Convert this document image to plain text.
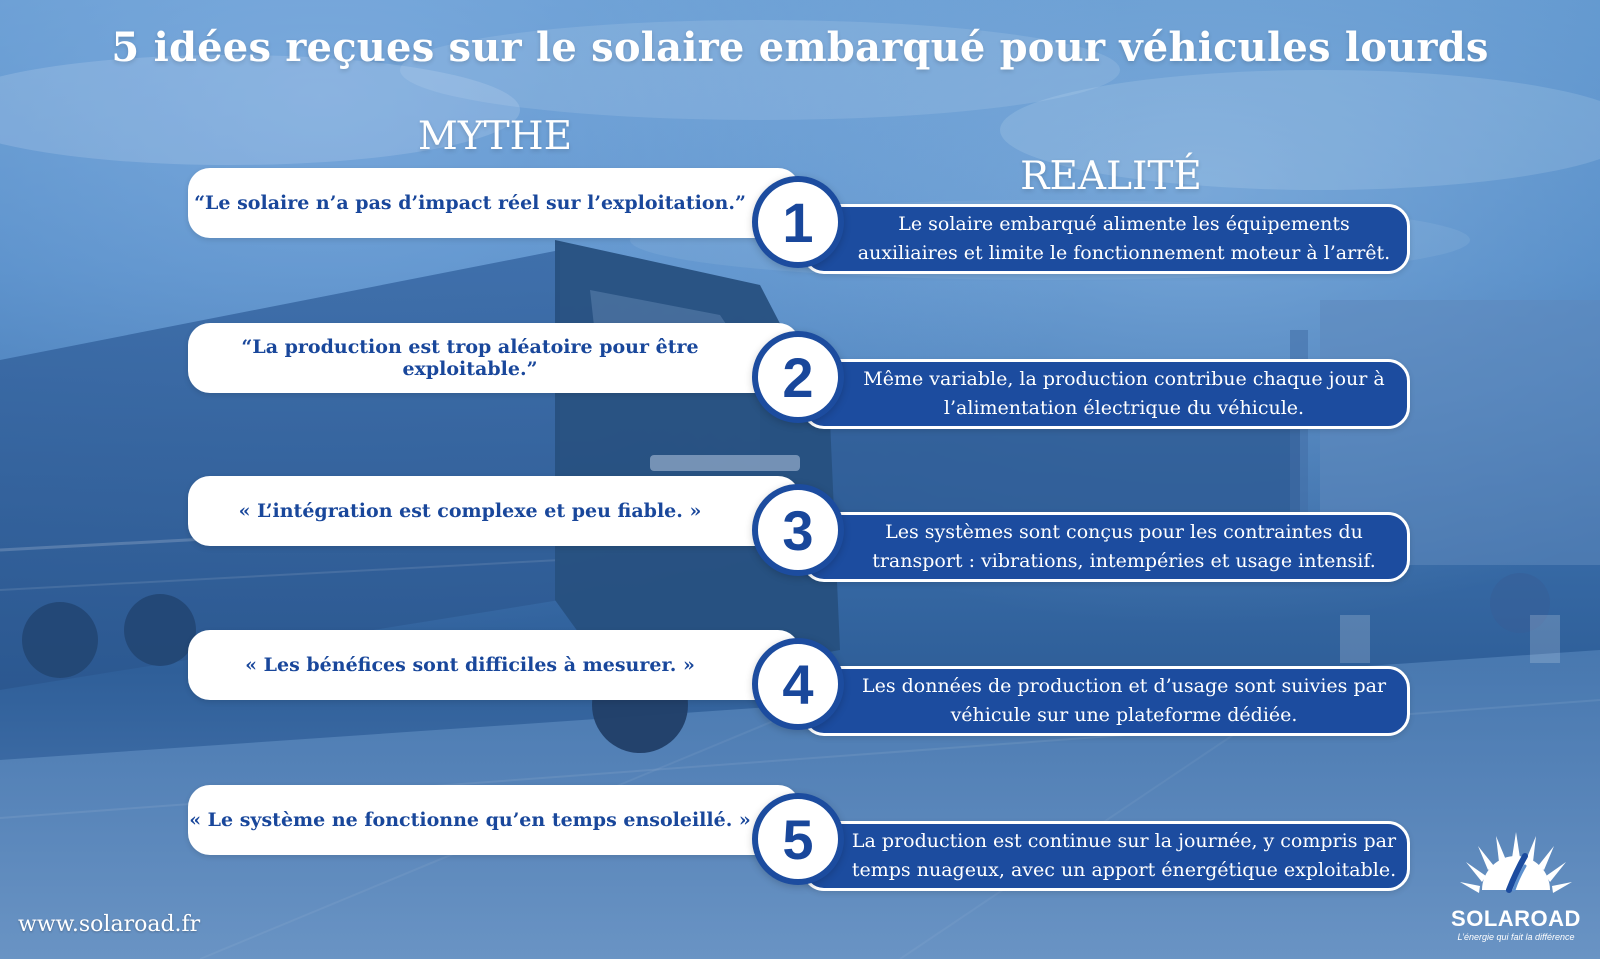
5 idées reçues sur le solaire embarqué pour véhicules lourds
MYTHE
REALITÉ
“Le solaire n’a pas d’impact réel sur l’exploitation.”
Le solaire embarqué alimente les équipements auxiliaires et limite le fonctionnement moteur à l’arrêt.
1
“La production est trop aléatoire pour être exploitable.”	Même variable, la production contribue chaque jour à l’alimentation électrique du véhicule.
2
« L’intégration est complexe et peu fiable. »
Les systèmes sont conçus pour les contraintes du transport : vibrations, intempéries et usage intensif.
3
« Les bénéfices sont difficiles à mesurer. »
Les données de production et d’usage sont suivies par véhicule sur une plateforme dédiée.
4
« Le système ne fonctionne qu’en temps ensoleillé. »
La production est continue sur la journée, y compris par temps nuageux, avec un apport énergétique exploitable.
5
www.solaroad.fr	SOLAROAD
L’énergie qui fait la différence
